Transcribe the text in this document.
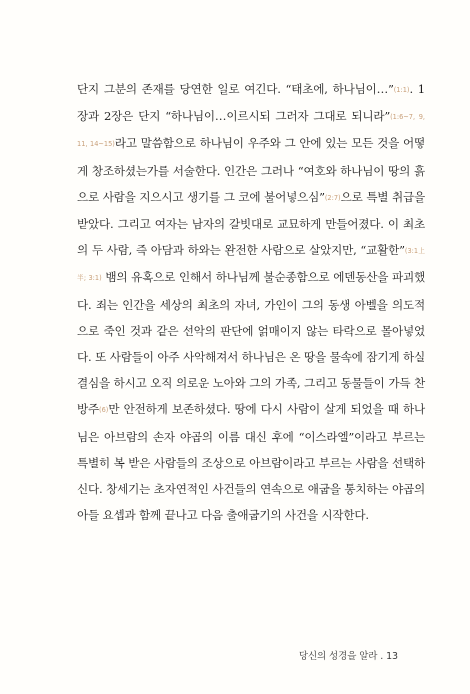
단지 그분의 존재를 당연한 일로 여긴다. “태초에, 하나님이…”(1:1). 1장과 2장은 단지 “하나님이…이르시되 그러자 그대로 되니라”(1:6~7, 9, 11, 14~15)라고 말씀함으로 하나님이 우주와 그 안에 있는 모든 것을 어떻게 창조하셨는가를 서술한다. 인간은 그러나 “여호와 하나님이 땅의 흙으로 사람을 지으시고 생기를 그 코에 불어넣으심”(2:7)으로 특별 취급을 받았다. 그리고 여자는 남자의 갈빗대로 교묘하게 만들어졌다. 이 최초의 두 사람, 즉 아담과 하와는 완전한 사람으로 살았지만, “교활한”(3:1上半; 3:1) 뱀의 유혹으로 인해서 하나님께 불순종함으로 에덴동산을 파괴했다. 죄는 인간을 세상의 최초의 자녀, 가인이 그의 동생 아벨을 의도적으로 죽인 것과 같은 선악의 판단에 얽매이지 않는 타락으로 몰아넣었다. 또 사람들이 아주 사악해져서 하나님은 온 땅을 물속에 잠기게 하실 결심을 하시고 오직 의로운 노아와 그의 가족, 그리고 동물들이 가득 찬 방주(6)만 안전하게 보존하셨다. 땅에 다시 사람이 살게 되었을 때 하나님은 아브람의 손자 야곱의 이름 대신 후에 “이스라엘”이라고 부르는 특별히 복 받은 사람들의 조상으로 아브람이라고 부르는 사람을 선택하신다. 창세기는 초자연적인 사건들의 연속으로 애굽을 통치하는 야곱의 아들 요셉과 함께 끝나고 다음 출애굽기의 사건을 시작한다.

당신의 성경을 알라 . 13
